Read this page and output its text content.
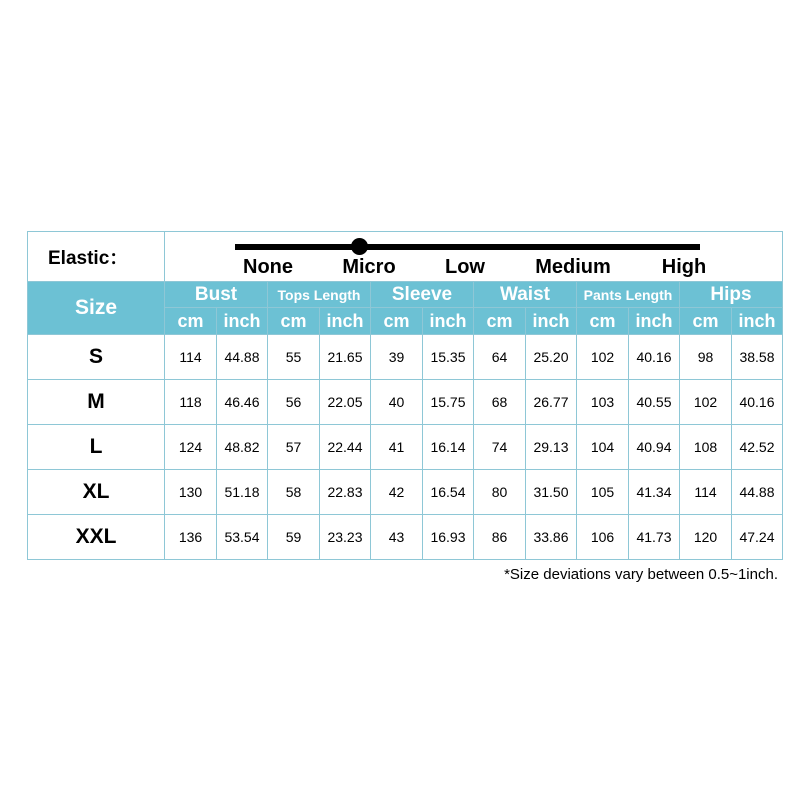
Elastic：	None Micro Low Medium High											

Size	Bust		Tops Length		Sleeve		Waist		Pants Length		Hips	
	cm	inch	cm	inch	cm	inch	cm	inch	cm	inch	cm	inch
S	114	44.88	55	21.65	39	15.35	64	25.20	102	40.16	98	38.58
M	118	46.46	56	22.05	40	15.75	68	26.77	103	40.55	102	40.16
L	124	48.82	57	22.44	41	16.14	74	29.13	104	40.94	108	42.52
XL	130	51.18	58	22.83	42	16.54	80	31.50	105	41.34	114	44.88
XXL	136	53.54	59	23.23	43	16.93	86	33.86	106	41.73	120	47.24
*Size deviations vary between 0.5~1inch.
